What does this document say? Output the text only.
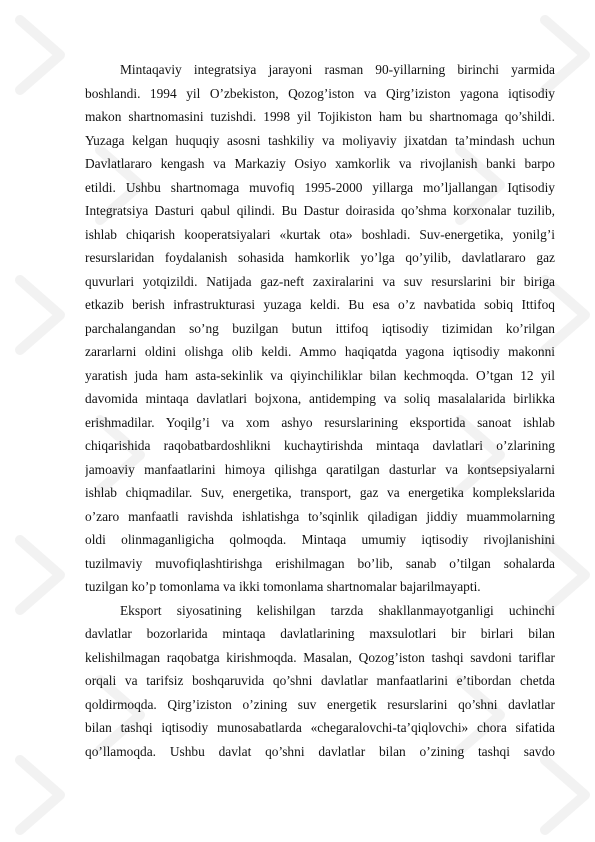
Mintaqaviy integratsiya jarayoni rasman 90-yillarning birinchi yarmida
boshlandi. 1994 yil O’zbekiston, Qozog’iston va Qirg’iziston yagona iqtisodiy
makon shartnomasini tuzishdi. 1998 yil Tojikiston ham bu shartnomaga qo’shildi.
Yuzaga kelgan huquqiy asosni tashkiliy va moliyaviy jixatdan ta’mindash uchun
Davlatlararo kengash va Markaziy Osiyo xamkorlik va rivojlanish banki barpo
etildi. Ushbu shartnomaga muvofiq 1995-2000 yillarga mo’ljallangan Iqtisodiy
Integratsiya Dasturi qabul qilindi. Bu Dastur doirasida qo’shma korxonalar tuzilib,
ishlab chiqarish kooperatsiyalari «kurtak ota» boshladi. Suv-energetika, yonilg’i
resurslaridan foydalanish sohasida hamkorlik yo’lga qo’yilib, davlatlararo gaz
quvurlari yotqizildi. Natijada gaz-neft zaxiralarini va suv resurslarini bir biriga
etkazib berish infrastrukturasi yuzaga keldi. Bu esa o’z navbatida sobiq Ittifoq
parchalangandan so’ng buzilgan butun ittifoq iqtisodiy tizimidan ko’rilgan
zararlarni oldini olishga olib keldi. Ammo haqiqatda yagona iqtisodiy makonni
yaratish juda ham asta-sekinlik va qiyinchiliklar bilan kechmoqda. O’tgan 12 yil
davomida mintaqa davlatlari bojxona, antidemping va soliq masalalarida birlikka
erishmadilar. Yoqilg’i va xom ashyo resurslarining eksportida sanoat ishlab
chiqarishida raqobatbardoshlikni kuchaytirishda mintaqa davlatlari o’zlarining
jamoaviy manfaatlarini himoya qilishga qaratilgan dasturlar va kontsepsiyalarni
ishlab chiqmadilar. Suv, energetika, transport, gaz va energetika komplekslarida
o’zaro manfaatli ravishda ishlatishga to’sqinlik qiladigan jiddiy muammolarning
oldi olinmaganligicha qolmoqda. Mintaqa umumiy iqtisodiy rivojlanishini
tuzilmaviy muvofiqlashtirishga erishilmagan bo’lib, sanab o’tilgan sohalarda
tuzilgan ko’p tomonlama va ikki tomonlama shartnomalar bajarilmayapti.
Eksport siyosatining kelishilgan tarzda shakllanmayotganligi uchinchi
davlatlar bozorlarida mintaqa davlatlarining maxsulotlari bir birlari bilan
kelishilmagan raqobatga kirishmoqda. Masalan, Qozog’iston tashqi savdoni tariflar
orqali va tarifsiz boshqaruvida qo’shni davlatlar manfaatlarini e’tibordan chetda
qoldirmoqda. Qirg’iziston o’zining suv energetik resurslarini qo’shni davlatlar
bilan tashqi iqtisodiy munosabatlarda «chegaralovchi-ta’qiqlovchi» chora sifatida
qo’llamoqda. Ushbu davlat qo’shni davlatlar bilan o’zining tashqi savdo
